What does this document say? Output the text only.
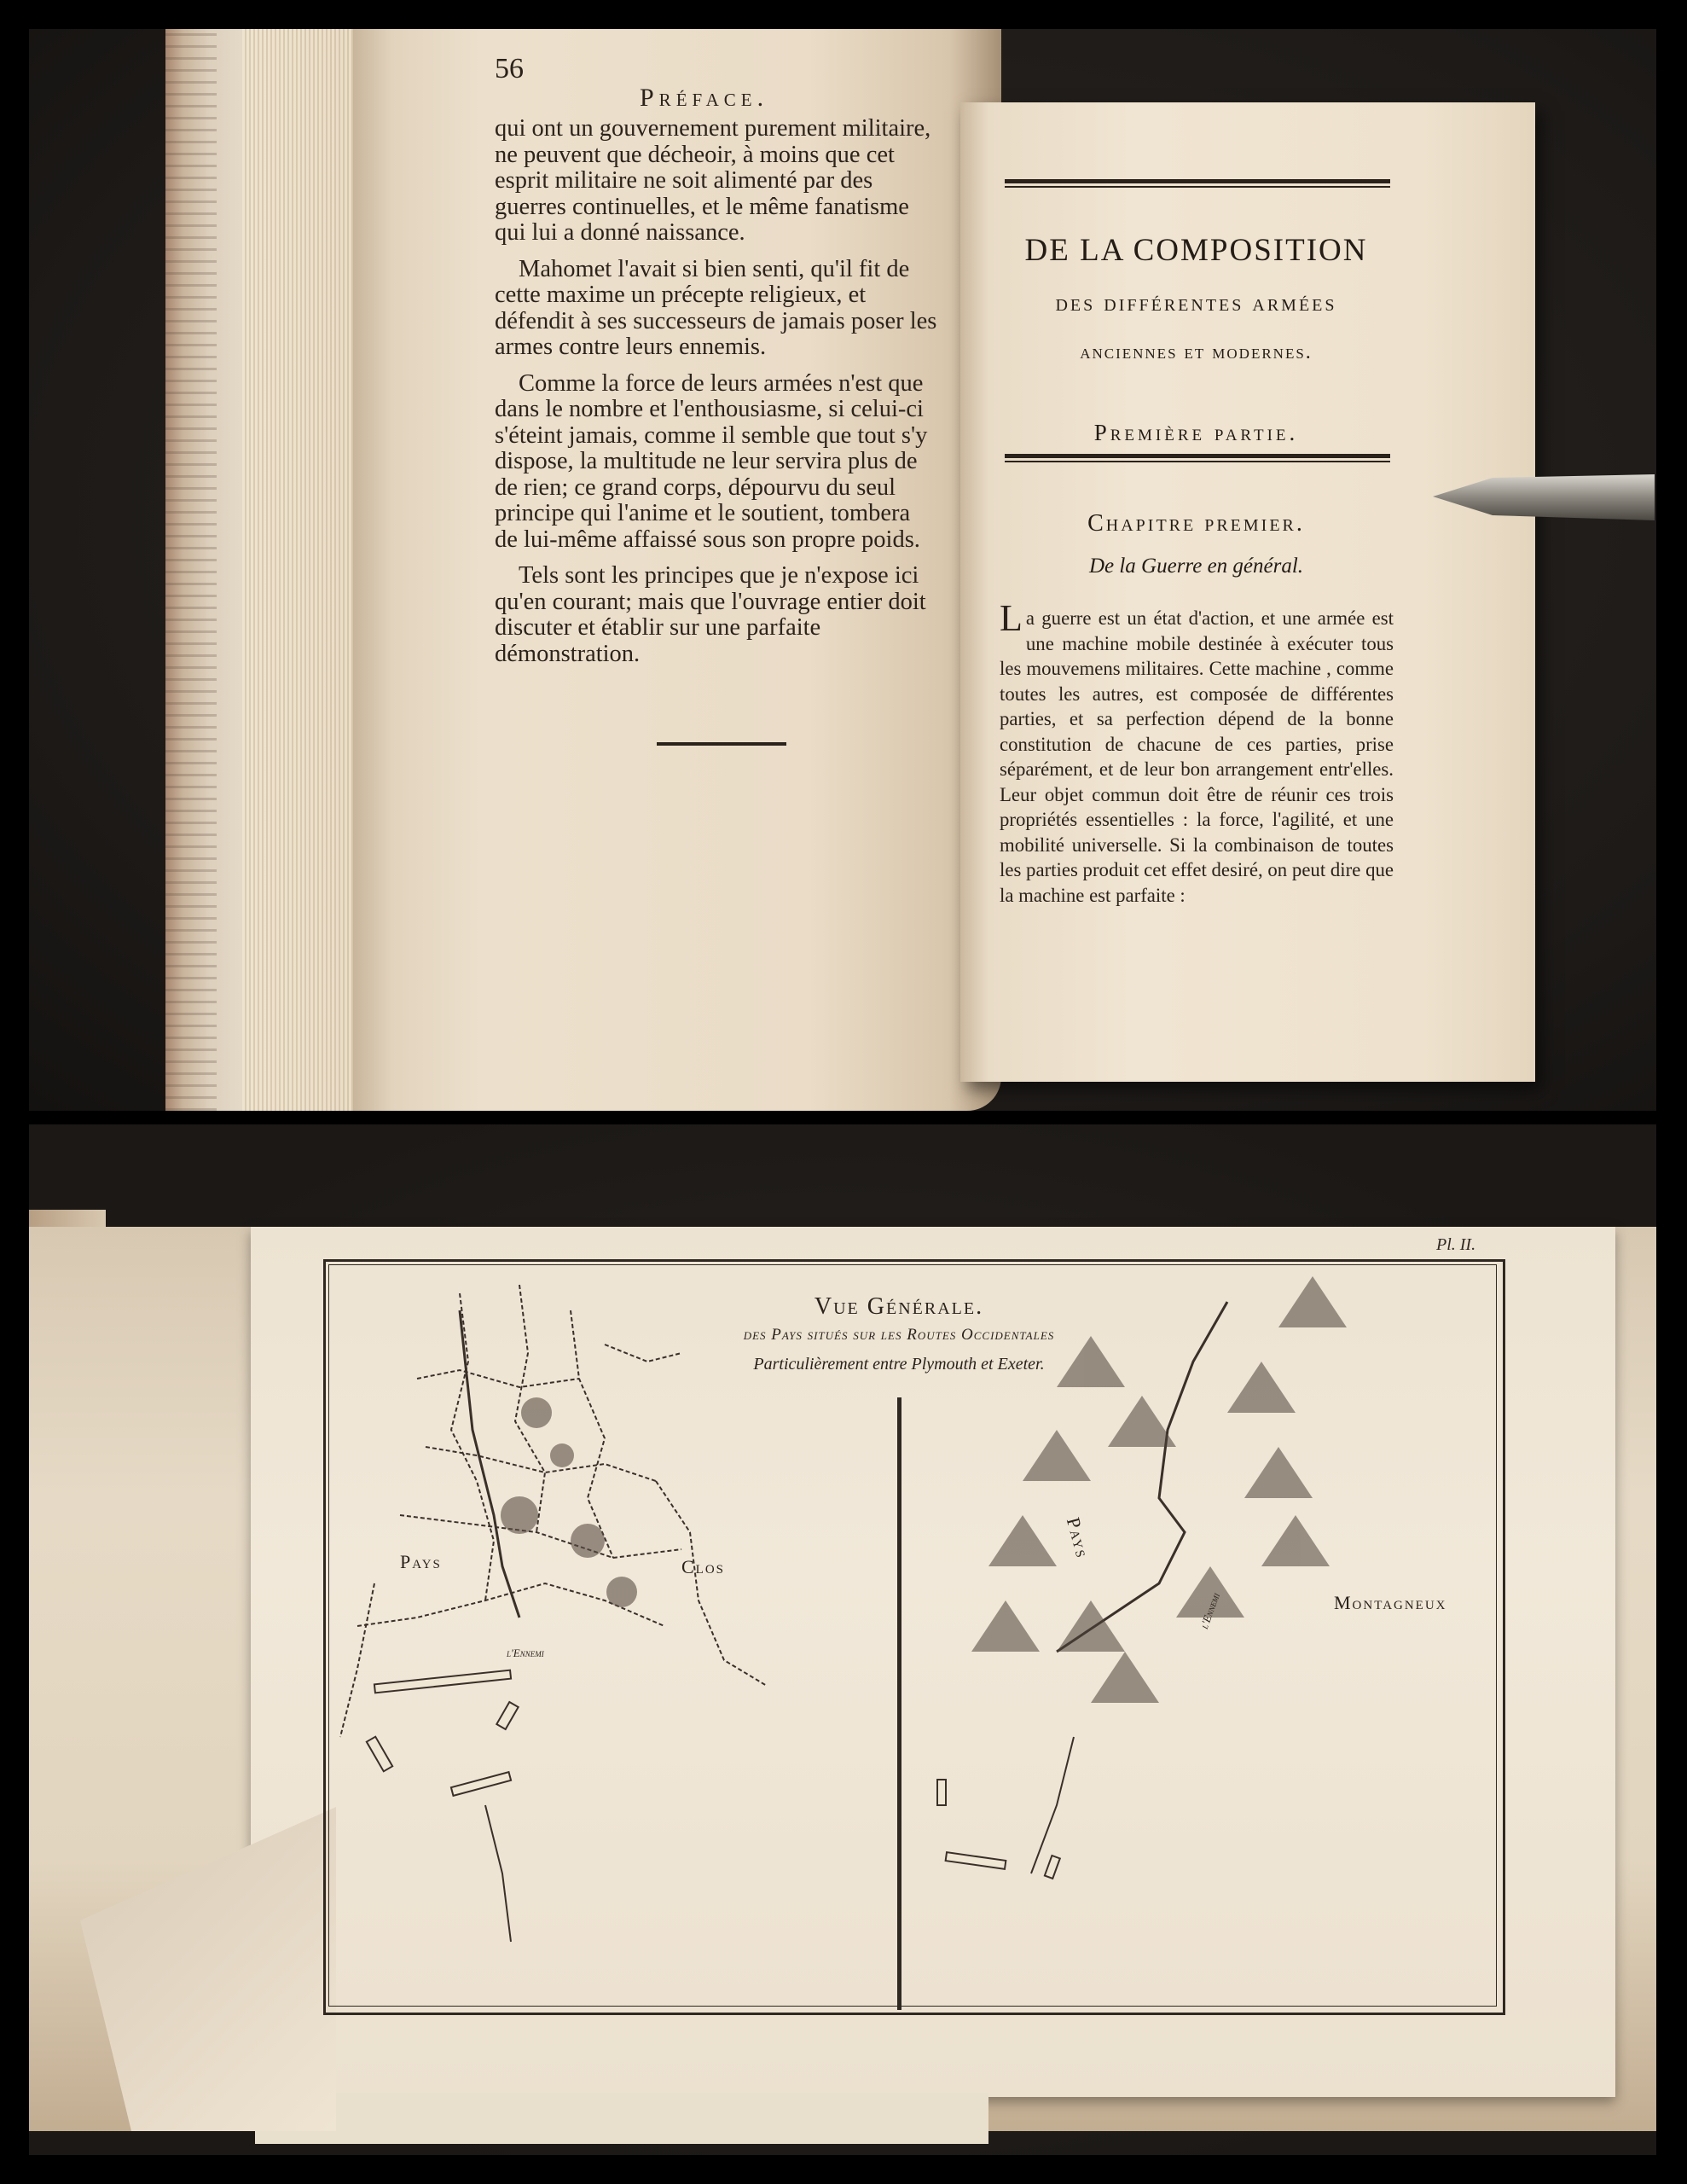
56
Préface.

qui ont un gouvernement purement militaire, ne peuvent que décheoir, à moins que cet esprit militaire ne soit alimenté par des guerres continuelles, et le même fanatisme qui lui a donné naissance.

Mahomet l'avait si bien senti, qu'il fit de cette maxime un précepte religieux, et défendit à ses successeurs de jamais poser les armes contre leurs ennemis.

Comme la force de leurs armées n'est que dans le nombre et l'enthousiasme, si celui-ci s'éteint jamais, comme il semble que tout s'y dispose, la multitude ne leur servira plus de de rien; ce grand corps, dépourvu du seul principe qui l'anime et le soutient, tombera de lui-même affaissé sous son propre poids.

Tels sont les principes que je n'expose ici qu'en courant; mais que l'ouvrage entier doit discuter et établir sur une parfaite démonstration.

DE LA COMPOSITION
des différentes armées
anciennes et modernes.
Première partie.
Chapitre premier.
De la Guerre en général.
La guerre est un état d'action, et une armée est une machine mobile destinée à exécuter tous les mouvemens militaires. Cette machine , comme toutes les autres, est composée de différentes parties, et sa perfection dépend de la bonne constitution de chacune de ces parties, prise séparément, et de leur bon arrangement entr'elles. Leur objet commun doit être de réunir ces trois propriétés essentielles : la force, l'agilité, et une mobilité universelle. Si la combinaison de toutes les parties produit cet effet desiré, on peut dire que la machine est parfaite :
Pl. II.
Vue Générale.
des Pays situés sur les Routes Occidentales
Particulièrement entre Plymouth et Exeter.
Pays	Clos
l'Ennemi
Pays
Montagneux
l'Ennemi
